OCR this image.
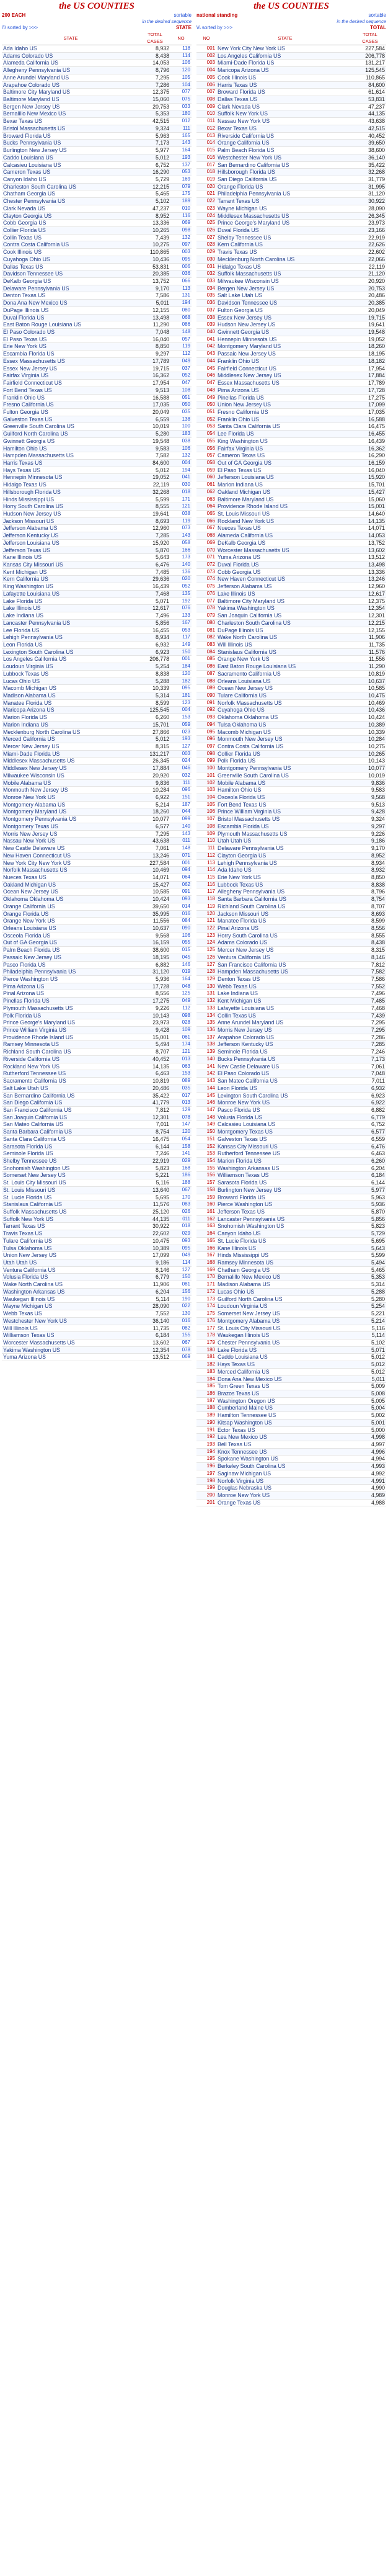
the US COUNTIES
200 EACH	sortable
in the desired sequence
\\\ sorted by >>>	STATE
STATE	TOTAL
CASES	NO
Ada Idaho US	8,932	118
Adams Colorado US	8,438	114
Alameda California US	14,053	106
Allegheny Pennsylvania US	8,796	120
Anne Arundel Maryland US	7,295	105
Arapahoe Colorado US	7,286	104
Baltimore City Maryland US	12,375	077
Baltimore Maryland US	15,060	075
Bergen New Jersey US	20,753	033
Bernalillo New Mexico US	5,353	180
Bexar Texas US	42,515	012
Bristol Massachusetts US	9,324	111
Broward Florida US	5,963	165
Bucks Pennsylvania US	7,173	143
Burlington New Jersey US	5,977	164
Caddo Louisiana US	5,012	193
Calcasieu Louisiana US	6,752	137
Cameron Texas US	16,290	053
Canyon Idaho US	5,729	169
Charleston South Carolina US	12,215	079
Chatham Georgia US	5,465	175
Chester Pennsylvania US	5,102	189
Clark Nevada US	47,237	010
Clayton Georgia US	8,952	116
Cobb Georgia US	13,336	069
Collier Florida US	10,265	098
Collin Texas US	7,439	132
Contra Costa California US	10,275	097
Cook Illinois US	110,865	003
Cuyahoga Ohio US	10,436	095
Dallas Texas US	53,831	006
Davidson Tennessee US	20,385	036
DeKalb Georgia US	13,752	066
Delaware Pennsylvania US	9,170	113
Denton Texas US	7,586	131
Dona Ana New Mexico US	5,011	194
DuPage Illinois US	12,155	080
Duval Florida US	13,498	068
East Baton Rouge Louisiana US	11,290	086
El Paso Colorado US	7,048	148
El Paso Texas US	16,040	057
Erie New York US	8,850	119
Escambia Florida US	9,297	112
Essex Massachusetts US	17,789	049
Essex New Jersey US	19,715	037
Fairfax Virginia US	16,362	052
Fairfield Connecticut US	17,954	047
Fort Bend Texas US	9,513	108
Franklin Ohio US	16,588	051
Fresno California US	17,035	050
Fulton Georgia US	20,049	035
Galveston Texas US	6,559	138
Greenville South Carolina US	10,019	100
Guilford North Carolina US	5,280	183
Gwinnett Georgia US	19,548	038
Hamilton Ohio US	9,583	106
Hampden Massachusetts US	7,582	132
Harris Texas US	84,600	004
Hays Texas US	5,012	194
Hennepin Minnesota US	19,052	041
Hidalgo Texas US	22,119	030
Hillsborough Florida US	32,268	018
Hinds Mississippi US	5,599	171
Horry South Carolina US	8,555	121
Hudson New Jersey US	19,641	038
Jackson Missouri US	8,693	119
Jefferson Alabama US	12,960	073
Jefferson Kentucky US	7,285	143
Jefferson Louisiana US	15,920	058
Jefferson Texas US	5,870	166
Kane Illinois US	5,643	173
Kansas City Missouri US	6,476	140
Kent Michigan US	7,485	136
Kern California US	29,636	020
King Washington US	16,439	052
Lafayette Louisiana US	7,468	135
Lake Florida US	5,071	192
Lake Illinois US	12,617	076
Lake Indiana US	7,496	133
Lancaster Pennsylvania US	5,856	167
Lee Florida US	16,455	053
Lehigh Pennsylvania US	8,934	117
Leon Florida US	6,932	149
Lexington South Carolina US	6,923	150
Los Angeles California US	206,778	001
Loudoun Virginia US	5,254	184
Lubbock Texas US	8,838	120
Lucas Ohio US	5,288	182
Macomb Michigan US	10,339	095
Madison Alabama US	5,314	181
Manatee Florida US	8,599	123
Maricopa Arizona US	125,545	004
Marion Florida US	6,260	153
Marion Indiana US	15,701	059
Mecklenburg North Carolina US	27,866	023
Merced California US	5,012	193
Mercer New Jersey US	8,315	127
Miami-Dade Florida US	131,217	003
Middlesex Massachusetts US	26,345	024
Middlesex New Jersey US	17,884	046
Milwaukee Wisconsin US	20,920	032
Mobile Alabama US	9,836	111
Monmouth New Jersey US	10,284	096
Monroe New York US	6,922	151
Montgomery Alabama US	5,214	187
Montgomery Maryland US	18,260	044
Montgomery Pennsylvania US	10,077	099
Montgomery Texas US	6,577	140
Morris New Jersey US	7,295	143
Nassau New York US	43,638	011
New Castle Delaware US	7,061	148
New Haven Connecticut US	13,246	071
New York City New York US	227,584	001
Norfolk Massachusetts US	10,469	094
Nueces Texas US	14,071	064
Oakland Michigan US	15,427	062
Ocean New Jersey US	10,585	091
Oklahoma Oklahoma US	10,424	093
Orange California US	39,650	014
Orange Florida US	35,995	016
Orange New York US	11,556	084
Orleans Louisiana US	10,637	090
Osceola Florida US	9,568	106
Out of GA Georgia US	16,159	055
Palm Beach Florida US	38,600	015
Passaic New Jersey US	18,195	045
Pasco Florida US	6,882	146
Philadelphia Pennsylvania US	31,120	019
Pierce Washington US	5,936	164
Pima Arizona US	17,728	048
Pinal Arizona US	8,556	125
Pinellas Florida US	17,275	049
Plymouth Massachusetts US	9,226	112
Polk Florida US	10,143	098
Prince George's Maryland US	23,973	028
Prince William Virginia US	9,428	109
Providence Rhode Island US	15,001	061
Ramsey Minnesota US	5,494	174
Richland South Carolina US	8,707	121
Riverside California US	40,452	013
Rockland New York US	14,135	063
Rutherford Tennessee US	6,463	153
Sacramento California US	10,819	089
Salt Lake Utah US	20,486	035
San Bernardino California US	35,422	017
San Diego California US	41,779	013
San Francisco California US	7,812	129
San Joaquin California US	12,301	078
San Mateo California US	7,011	147
Santa Barbara California US	8,754	120
Santa Clara California US	16,475	054
Sarasota Florida US	6,144	158
Seminole Florida US	7,246	141
Shelby Tennessee US	22,919	029
Snohomish Washington US	5,823	168
Somerset New Jersey US	5,221	186
St. Louis City Missouri US	5,116	188
St. Louis Missouri US	13,640	067
St. Lucie Florida US	5,695	170
Stanislaus California US	11,576	083
Suffolk Massachusetts US	25,120	026
Suffolk New York US	44,135	011
Tarrant Texas US	30,922	018
Travis Texas US	22,602	029
Tulare California US	10,475	093
Tulsa Oklahoma US	10,389	095
Union New Jersey US	17,099	049
Utah Utah US	9,186	114
Ventura California US	8,146	127
Volusia Florida US	6,779	150
Wake North Carolina US	11,906	081
Washington Arkansas US	6,204	156
Waukegan Illinois US	5,114	190
Wayne Michigan US	28,090	022
Webb Texas US	7,552	130
Westchester New York US	36,140	016
Will Illinois US	11,735	082
Williamson Texas US	6,184	155
Worcester Massachusetts US	13,602	067
Yakima Washington US	12,354	078
Yuma Arizona US	13,512	069
the US COUNTIES
national standing	sortable
in the desired sequence
\\\ sorted by >>>	TOTAL
NO	STATE	TOTAL
CASES
001	New York City New York US	227,584
002	Los Angeles California US	206,778
003	Miami-Dade Florida US	131,217
004	Maricopa Arizona US	125,545
005	Cook Illinois US	110,865
006	Harris Texas US	84,600
007	Broward Florida US	61,614
008	Dallas Texas US	53,831
009	Clark Nevada US	47,237
010	Suffolk New York US	44,135
011	Nassau New York US	43,638
012	Bexar Texas US	42,515
013	Riverside California US	40,452
014	Orange California US	39,650
015	Palm Beach Florida US	38,600
016	Westchester New York US	36,140
017	San Bernardino California US	35,422
018	Hillsborough Florida US	32,268
019	San Diego California US	31,779
020	Orange Florida US	31,995
021	Philadelphia Pennsylvania US	31,120
022	Tarrant Texas US	30,922
023	Wayne Michigan US	28,090
024	Middlesex Massachusetts US	26,345
025	Prince George's Maryland US	23,973
026	Duval Florida US	23,166
027	Shelby Tennessee US	22,919
028	Kern California US	22,626
029	Travis Texas US	22,602
030	Mecklenburg North Carolina US	22,066
031	Hidalgo Texas US	22,119
032	Suffolk Massachusetts US	21,120
033	Milwaukee Wisconsin US	20,920
034	Bergen New Jersey US	20,753
035	Salt Lake Utah US	20,486
036	Davidson Tennessee US	20,385
037	Fulton Georgia US	20,049
038	Essex New Jersey US	19,715
039	Hudson New Jersey US	19,641
040	Gwinnett Georgia US	19,548
041	Hennepin Minnesota US	19,052
042	Montgomery Maryland US	18,260
043	Passaic New Jersey US	18,195
044	Franklin Ohio US	18,182
045	Fairfield Connecticut US	17,954
046	Middlesex New Jersey US	17,884
047	Essex Massachusetts US	17,789
048	Pima Arizona US	17,728
049	Pinellas Florida US	17,275
050	Union New Jersey US	17,099
051	Fresno California US	17,035
052	Franklin Ohio US	16,588
053	Santa Clara California US	16,475
054	Lee Florida US	16,455
055	King Washington US	16,439
056	Fairfax Virginia US	16,362
057	Cameron Texas US	16,290
058	Out of GA Georgia US	16,159
059	El Paso Texas US	16,040
060	Jefferson Louisiana US	15,920
061	Marion Indiana US	15,701
062	Oakland Michigan US	15,427
063	Baltimore Maryland US	15,060
064	Providence Rhode Island US	15,001
065	St. Louis Missouri US	14,640
066	Rockland New York US	14,135
067	Nueces Texas US	14,071
068	Alameda California US	14,053
069	DeKalb Georgia US	13,752
070	Worcester Massachusetts US	13,602
071	Yuma Arizona US	13,512
072	Duval Florida US	13,498
073	Cobb Georgia US	13,336
074	New Haven Connecticut US	13,246
075	Jefferson Alabama US	12,960
076	Lake Illinois US	12,617
077	Baltimore City Maryland US	12,375
078	Yakima Washington US	12,354
079	San Joaquin California US	12,301
080	Charleston South Carolina US	12,215
081	DuPage Illinois US	12,155
082	Wake North Carolina US	11,906
083	Will Illinois US	11,735
084	Stanislaus California US	11,576
085	Orange New York US	11,556
086	East Baton Rouge Louisiana US	11,290
087	Sacramento California US	10,819
088	Orleans Louisiana US	10,637
089	Ocean New Jersey US	10,585
090	Tulare California US	10,475
091	Norfolk Massachusetts US	10,469
092	Cuyahoga Ohio US	10,436
093	Oklahoma Oklahoma US	10,424
094	Tulsa Oklahoma US	10,389
095	Macomb Michigan US	10,339
096	Monmouth New Jersey US	10,284
097	Contra Costa California US	10,275
098	Collier Florida US	10,265
099	Polk Florida US	10,143
100	Montgomery Pennsylvania US	10,077
101	Greenville South Carolina US	10,019
102	Mobile Alabama US	9,836
103	Hamilton Ohio US	9,583
104	Osceola Florida US	9,568
105	Fort Bend Texas US	9,513
106	Prince William Virginia US	9,428
107	Bristol Massachusetts US	9,324
108	Escambia Florida US	9,297
109	Plymouth Massachusetts US	9,226
110	Utah Utah US	9,186
111	Delaware Pennsylvania US	9,170
112	Clayton Georgia US	8,952
113	Lehigh Pennsylvania US	8,934
114	Ada Idaho US	8,932
115	Erie New York US	8,850
116	Lubbock Texas US	8,838
117	Allegheny Pennsylvania US	8,796
118	Santa Barbara California US	8,754
119	Richland South Carolina US	8,707
120	Jackson Missouri US	8,693
121	Manatee Florida US	8,599
122	Pinal Arizona US	8,556
123	Horry South Carolina US	8,555
124	Adams Colorado US	8,438
125	Mercer New Jersey US	8,315
126	Ventura California US	8,146
127	San Francisco California US	7,812
128	Hampden Massachusetts US	7,582
129	Denton Texas US	7,586
130	Webb Texas US	7,552
131	Lake Indiana US	7,496
132	Kent Michigan US	7,485
133	Lafayette Louisiana US	7,468
134	Collin Texas US	7,439
135	Anne Arundel Maryland US	7,295
136	Morris New Jersey US	7,295
137	Arapahoe Colorado US	7,286
138	Jefferson Kentucky US	7,285
139	Seminole Florida US	7,246
140	Bucks Pennsylvania US	7,173
141	New Castle Delaware US	7,061
142	El Paso Colorado US	7,048
143	San Mateo California US	7,011
144	Leon Florida US	6,932
145	Lexington South Carolina US	6,923
146	Monroe New York US	6,922
147	Pasco Florida US	6,882
148	Volusia Florida US	6,779
149	Calcasieu Louisiana US	6,752
150	Montgomery Texas US	6,577
151	Galveston Texas US	6,559
152	Kansas City Missouri US	6,476
153	Rutherford Tennessee US	6,463
154	Marion Florida US	6,260
155	Washington Arkansas US	6,204
156	Williamson Texas US	6,184
157	Sarasota Florida US	6,144
158	Burlington New Jersey US	5,977
159	Broward Florida US	5,963
160	Pierce Washington US	5,936
161	Jefferson Texas US	5,870
162	Lancaster Pennsylvania US	5,856
163	Snohomish Washington US	5,823
164	Canyon Idaho US	5,729
165	St. Lucie Florida US	5,695
166	Kane Illinois US	5,643
167	Hinds Mississippi US	5,599
168	Ramsey Minnesota US	5,494
169	Chatham Georgia US	5,465
170	Bernalillo New Mexico US	5,353
171	Madison Alabama US	5,314
172	Lucas Ohio US	5,288
173	Guilford North Carolina US	5,280
174	Loudoun Virginia US	5,254
175	Somerset New Jersey US	5,221
176	Montgomery Alabama US	5,214
177	St. Louis City Missouri US	5,116
178	Waukegan Illinois US	5,114
179	Chester Pennsylvania US	5,102
180	Lake Florida US	5,071
181	Caddo Louisiana US	5,012
182	Hays Texas US	5,012
183	Merced California US	5,012
184	Dona Ana New Mexico US	5,011
185	Tom Green Texas US	5,009
186	Brazos Texas US	5,008
187	Washington Oregon US	5,005
188	Cumberland Maine US	5,004
189	Hamilton Tennessee US	5,002
190	Kitsap Washington US	5,001
191	Ector Texas US	5,000
192	Lea New Mexico US	4,998
193	Bell Texas US	4,997
194	Knox Tennessee US	4,996
195	Spokane Washington US	4,994
196	Berkeley South Carolina US	4,993
197	Saginaw Michigan US	4,992
198	Norfolk Virginia US	4,991
199	Douglas Nebraska US	4,990
200	Monroe New York US	4,989
201	Orange Texas US	4,988
